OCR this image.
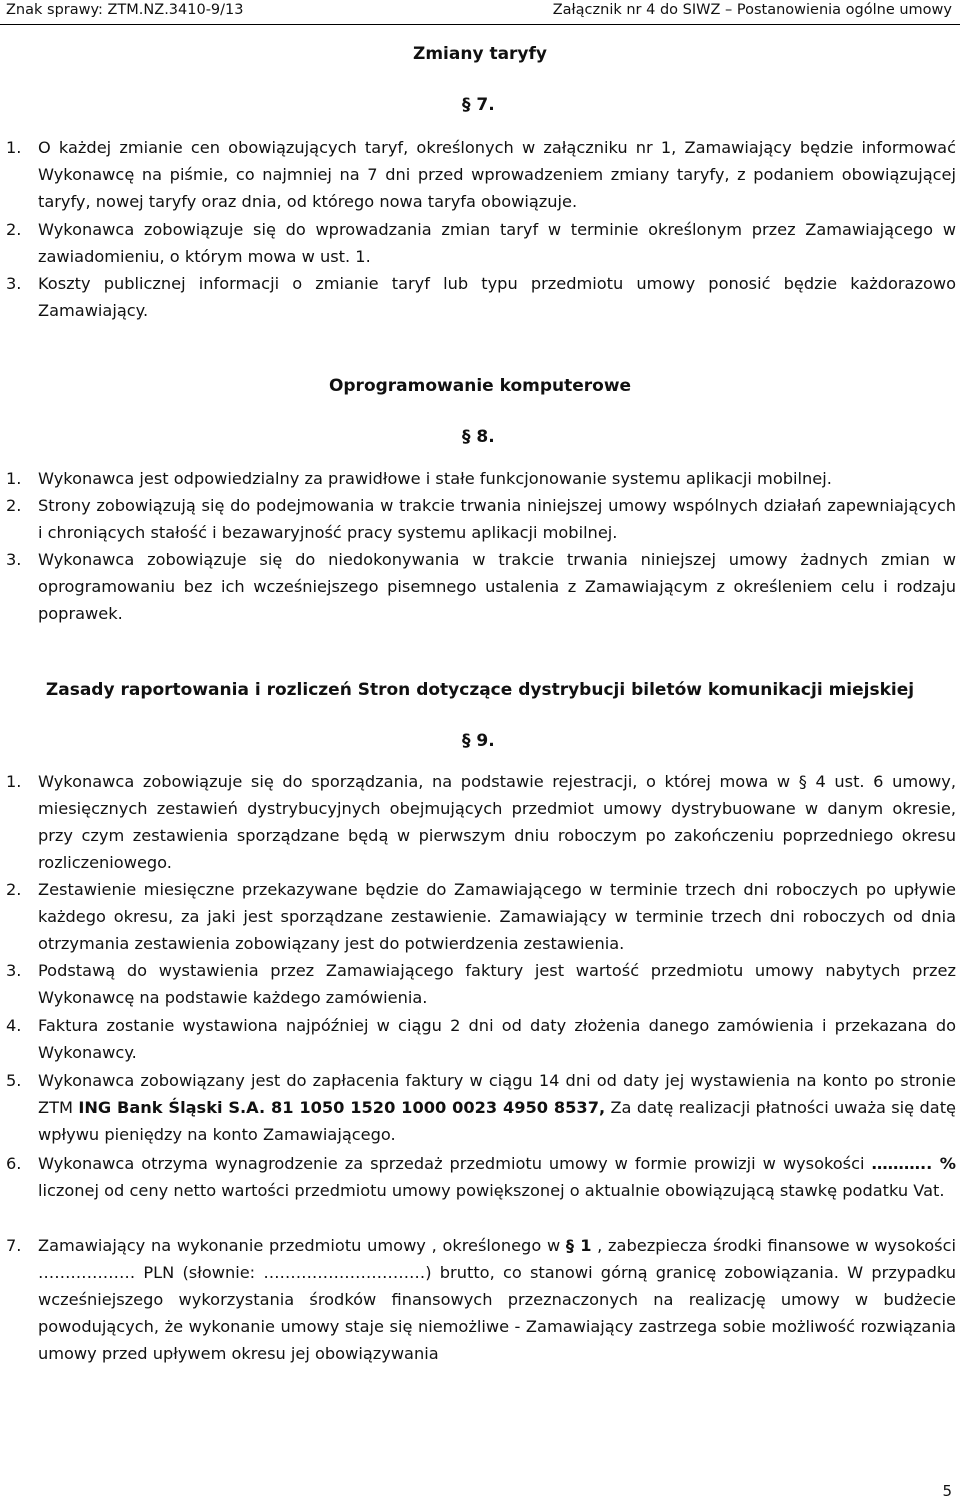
Znak sprawy: ZTM.NZ.3410-9/13	Załącznik nr 4 do SIWZ – Postanowienia ogólne umowy
Zmiany taryfy
§ 7.
1. O każdej zmianie cen obowiązujących taryf, określonych w załączniku nr 1, Zamawiający będzie informować Wykonawcę na piśmie, co najmniej na 7 dni przed wprowadzeniem zmiany taryfy, z podaniem obowiązującej taryfy, nowej taryfy oraz dnia, od którego nowa taryfa obowiązuje.
2. Wykonawca zobowiązuje się do wprowadzania zmian taryf w terminie określonym przez Zamawiającego w zawiadomieniu, o którym mowa w ust. 1.
3. Koszty publicznej informacji o zmianie taryf lub typu przedmiotu umowy ponosić będzie każdorazowo Zamawiający.
Oprogramowanie komputerowe
§ 8.
1. Wykonawca jest odpowiedzialny za prawidłowe i stałe funkcjonowanie systemu aplikacji mobilnej.
2. Strony zobowiązują się do podejmowania w trakcie trwania niniejszej umowy wspólnych działań zapewniających i chroniących stałość i bezawaryjność pracy systemu aplikacji mobilnej.
3. Wykonawca zobowiązuje się do niedokonywania w trakcie trwania niniejszej umowy żadnych zmian w oprogramowaniu bez ich wcześniejszego pisemnego ustalenia z Zamawiającym z określeniem celu i rodzaju poprawek.
Zasady raportowania i rozliczeń Stron dotyczące dystrybucji biletów komunikacji miejskiej
§ 9.
1. Wykonawca zobowiązuje się do sporządzania, na podstawie rejestracji, o której mowa w § 4 ust. 6 umowy, miesięcznych zestawień dystrybucyjnych obejmujących przedmiot umowy dystrybuowane w danym okresie, przy czym zestawienia sporządzane będą w pierwszym dniu roboczym po zakończeniu poprzedniego okresu rozliczeniowego.
2. Zestawienie miesięczne przekazywane będzie do Zamawiającego w terminie trzech dni roboczych po upływie każdego okresu, za jaki jest sporządzane zestawienie. Zamawiający w terminie trzech dni roboczych od dnia otrzymania zestawienia zobowiązany jest do potwierdzenia zestawienia.
3. Podstawą do wystawienia przez Zamawiającego faktury jest wartość przedmiotu umowy nabytych przez Wykonawcę na podstawie każdego zamówienia.
4. Faktura zostanie wystawiona najpóźniej w ciągu 2 dni od daty złożenia danego zamówienia i przekazana do Wykonawcy.
5. Wykonawca zobowiązany jest do zapłacenia faktury w ciągu 14 dni od daty jej wystawienia na konto po stronie ZTM ING Bank Śląski S.A. 81 1050 1520 1000 0023 4950 8537, Za datę realizacji płatności uważa się datę wpływu pieniędzy na konto Zamawiającego.
6. Wykonawca otrzyma wynagrodzenie za sprzedaż przedmiotu umowy w formie prowizji w wysokości ……….. % liczonej od ceny netto wartości przedmiotu umowy powiększonej o aktualnie obowiązującą stawkę podatku Vat.
7. Zamawiający na wykonanie przedmiotu umowy , określonego w § 1 , zabezpiecza środki finansowe w wysokości ……………… PLN (słownie: …………………………) brutto, co stanowi górną granicę zobowiązania. W przypadku wcześniejszego wykorzystania środków finansowych przeznaczonych na realizację umowy w budżecie powodujących, że wykonanie umowy staje się niemożliwe - Zamawiający zastrzega sobie możliwość rozwiązania umowy przed upływem okresu jej obowiązywania
5
